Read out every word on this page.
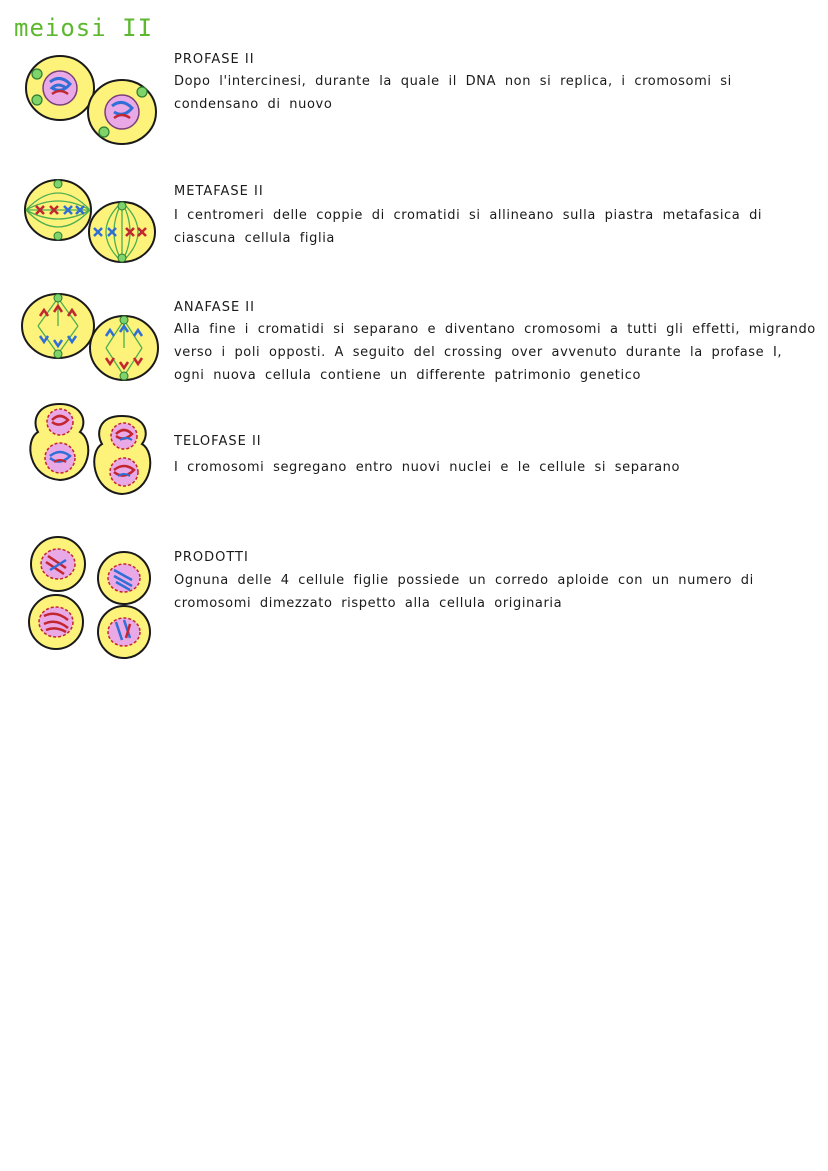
meiosi II
PROFASE II
Dopo l'intercinesi, durante la quale il DNA non si replica, i cromosomi si condensano di nuovo
METAFASE II
I centromeri delle coppie di cromatidi si allineano sulla piastra metafasica di ciascuna cellula figlia
ANAFASE II
Alla fine i cromatidi si separano e diventano cromosomi a tutti gli effetti, migrando verso i poli opposti. A seguito del crossing over avvenuto durante la profase I, ogni nuova cellula contiene un differente patrimonio genetico
TELOFASE II
I cromosomi segregano entro nuovi nuclei e le cellule si separano
PRODOTTI
Ognuna delle 4 cellule figlie possiede un corredo aploide con un numero di cromosomi dimezzato rispetto alla cellula originaria
